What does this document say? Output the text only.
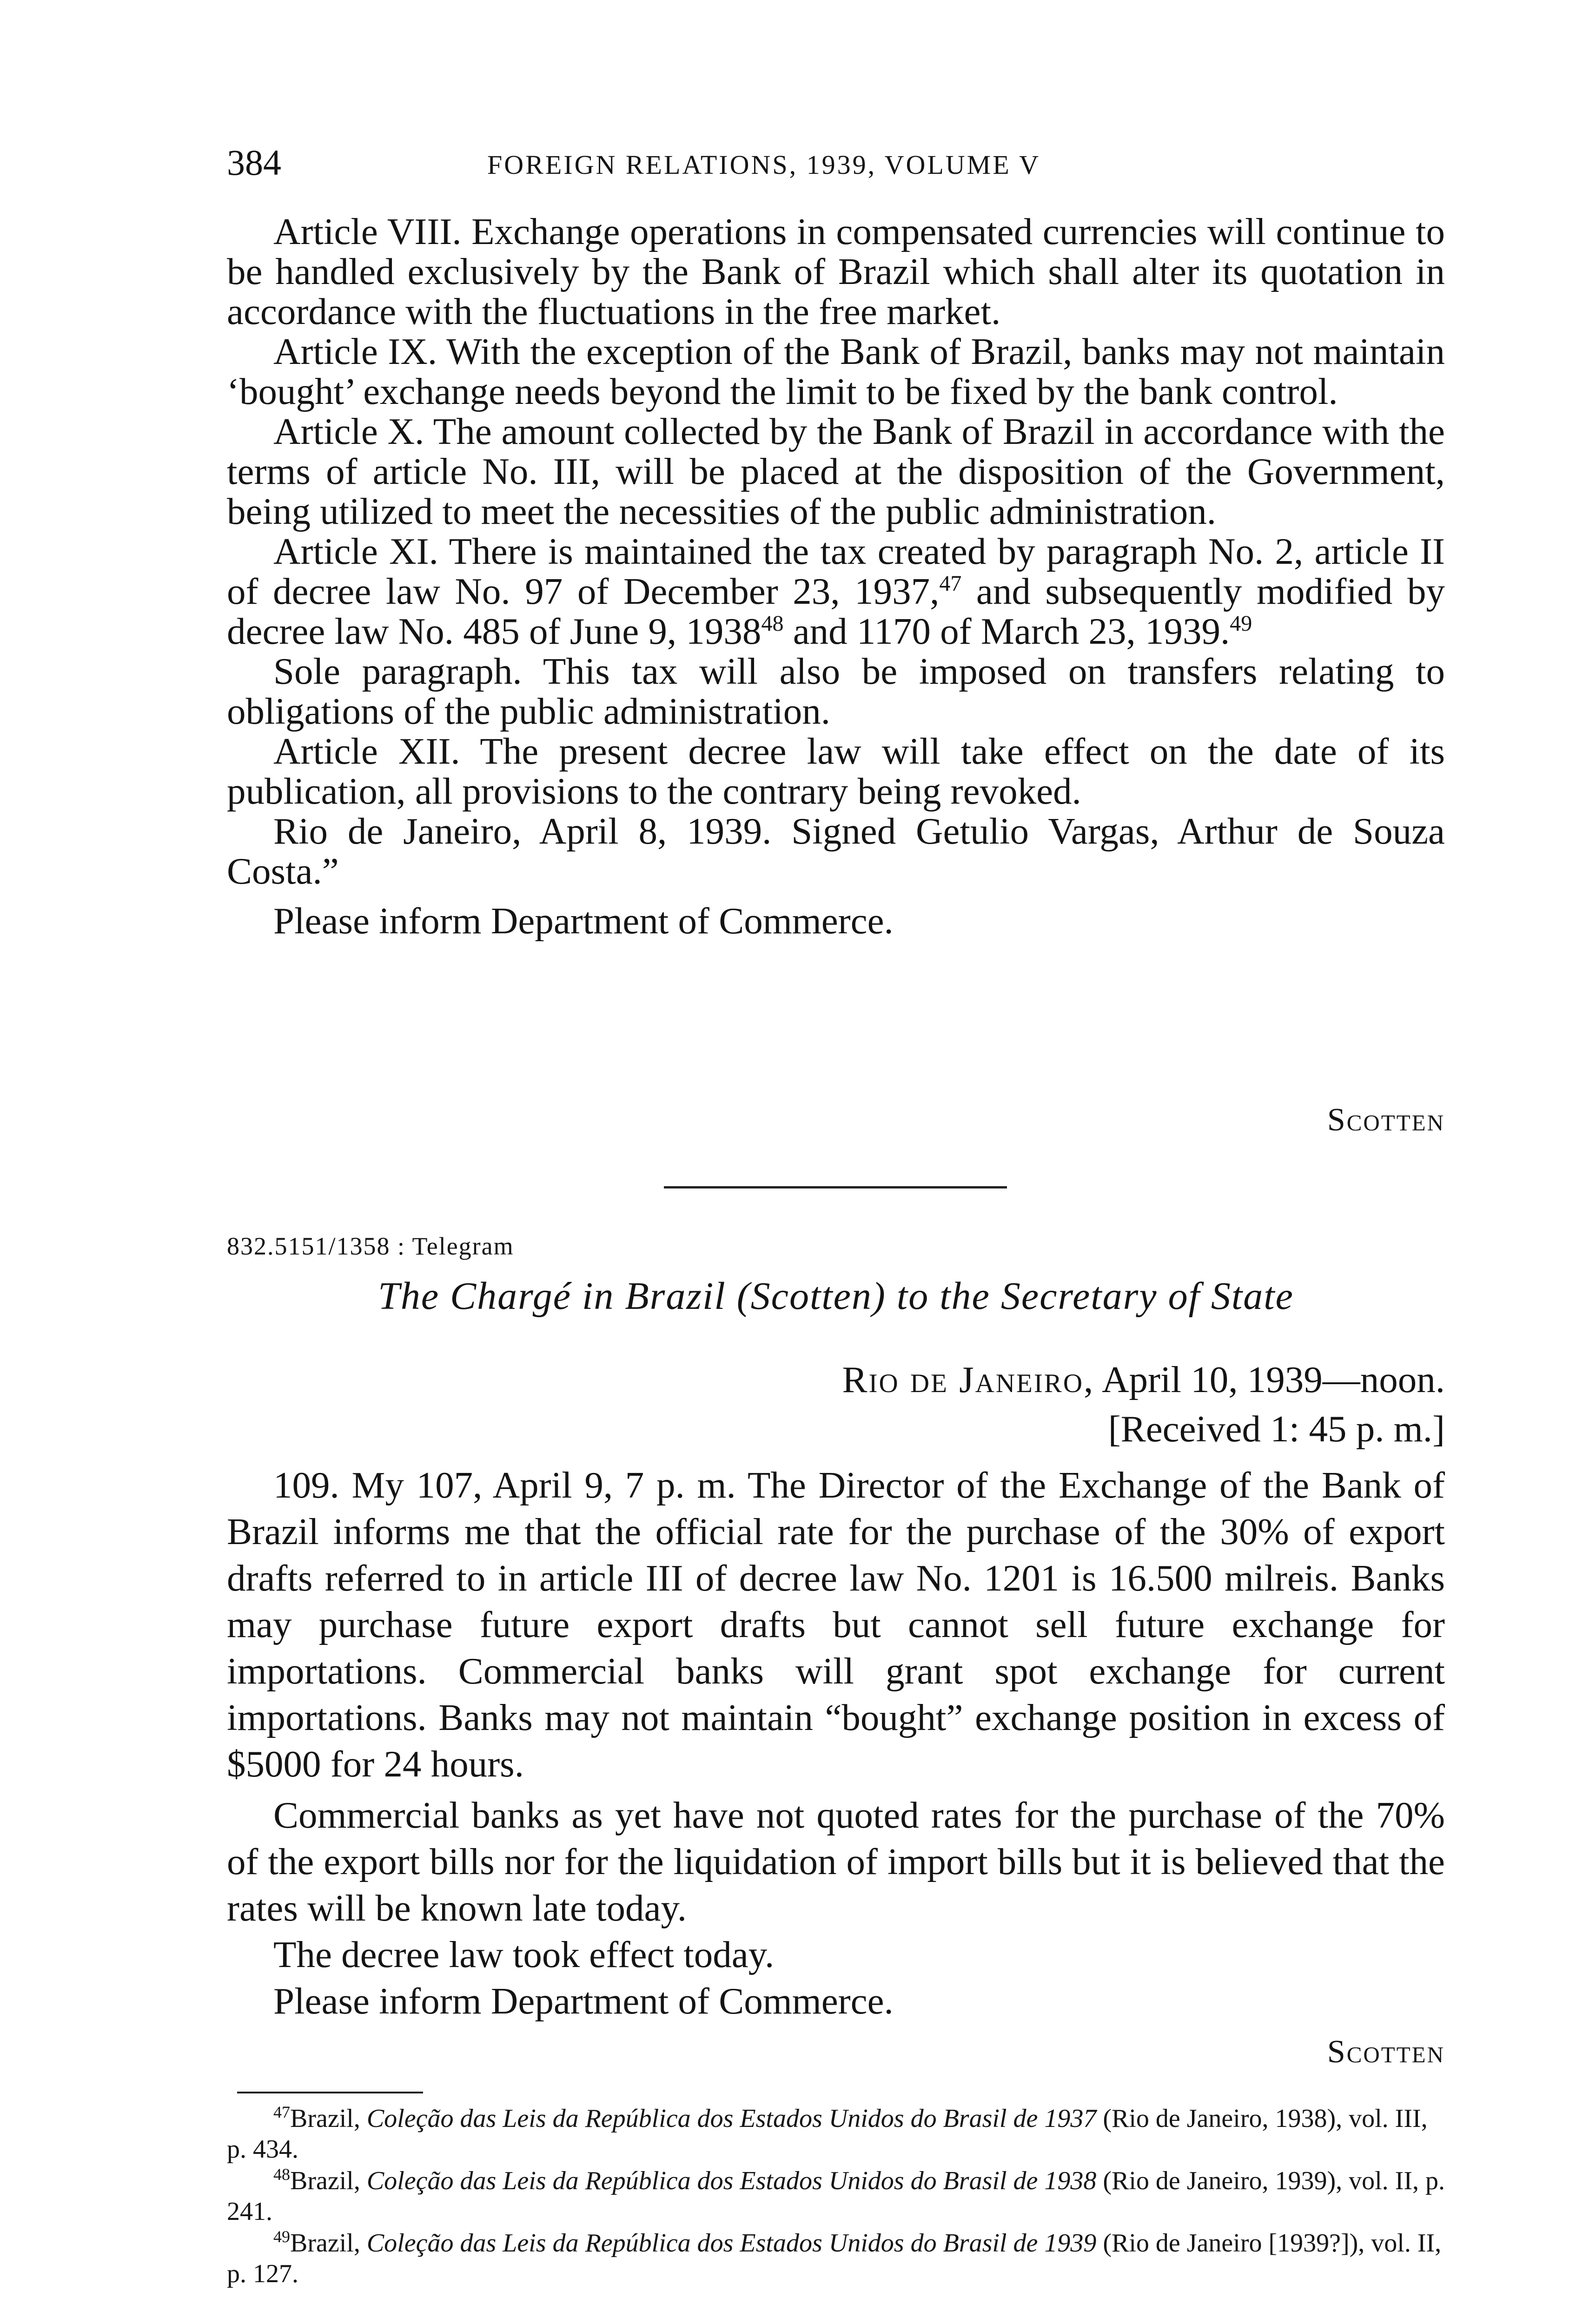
384	FOREIGN RELATIONS, 1939, VOLUME V

Article VIII. Exchange operations in compensated currencies will continue to be handled exclusively by the Bank of Brazil which shall alter its quotation in accordance with the fluctuations in the free market.

Article IX. With the exception of the Bank of Brazil, banks may not maintain ‘bought’ exchange needs beyond the limit to be fixed by the bank control.

Article X. The amount collected by the Bank of Brazil in accordance with the terms of article No. III, will be placed at the disposition of the Government, being utilized to meet the necessities of the public administration.

Article XI. There is maintained the tax created by paragraph No. 2, article II of decree law No. 97 of December 23, 1937,47 and subsequently modified by decree law No. 485 of June 9, 1938$^{48}$ and 1170 of March 23, 1939.49

Sole paragraph. This tax will also be imposed on transfers relating to obligations of the public administration.

Article XII. The present decree law will take effect on the date of its publication, all provisions to the contrary being revoked.

Rio de Janeiro, April 8, 1939. Signed Getulio Vargas, Arthur de Souza Costa.”

Please inform Department of Commerce.

Scotten
832.5151/1358 : Telegram
The Chargé in Brazil (Scotten) to the Secretary of State
Rio de Janeiro, April 10, 1939—noon.
[Received 1: 45 p. m.]

109. My 107, April 9, 7 p. m. The Director of the Exchange of the Bank of Brazil informs me that the official rate for the purchase of the 30% of export drafts referred to in article III of decree law No. 1201 is 16.500 milreis. Banks may purchase future export drafts but cannot sell future exchange for importations. Commercial banks will grant spot exchange for current importations. Banks may not maintain “bought” exchange position in excess of $5000 for 24 hours.

Commercial banks as yet have not quoted rates for the purchase of the 70% of the export bills nor for the liquidation of import bills but it is believed that the rates will be known late today.

The decree law took effect today.

Please inform Department of Commerce.

Scotten

$^{47}$Brazil, Coleção das Leis da República dos Estados Unidos do Brasil de 1937 (Rio de Janeiro, 1938), vol. III, p. 434.

$^{48}$Brazil, Coleção das Leis da República dos Estados Unidos do Brasil de 1938 (Rio de Janeiro, 1939), vol. II, p. 241.

$^{49}$Brazil, Coleção das Leis da República dos Estados Unidos do Brasil de 1939 (Rio de Janeiro [1939?]), vol. II, p. 127.
